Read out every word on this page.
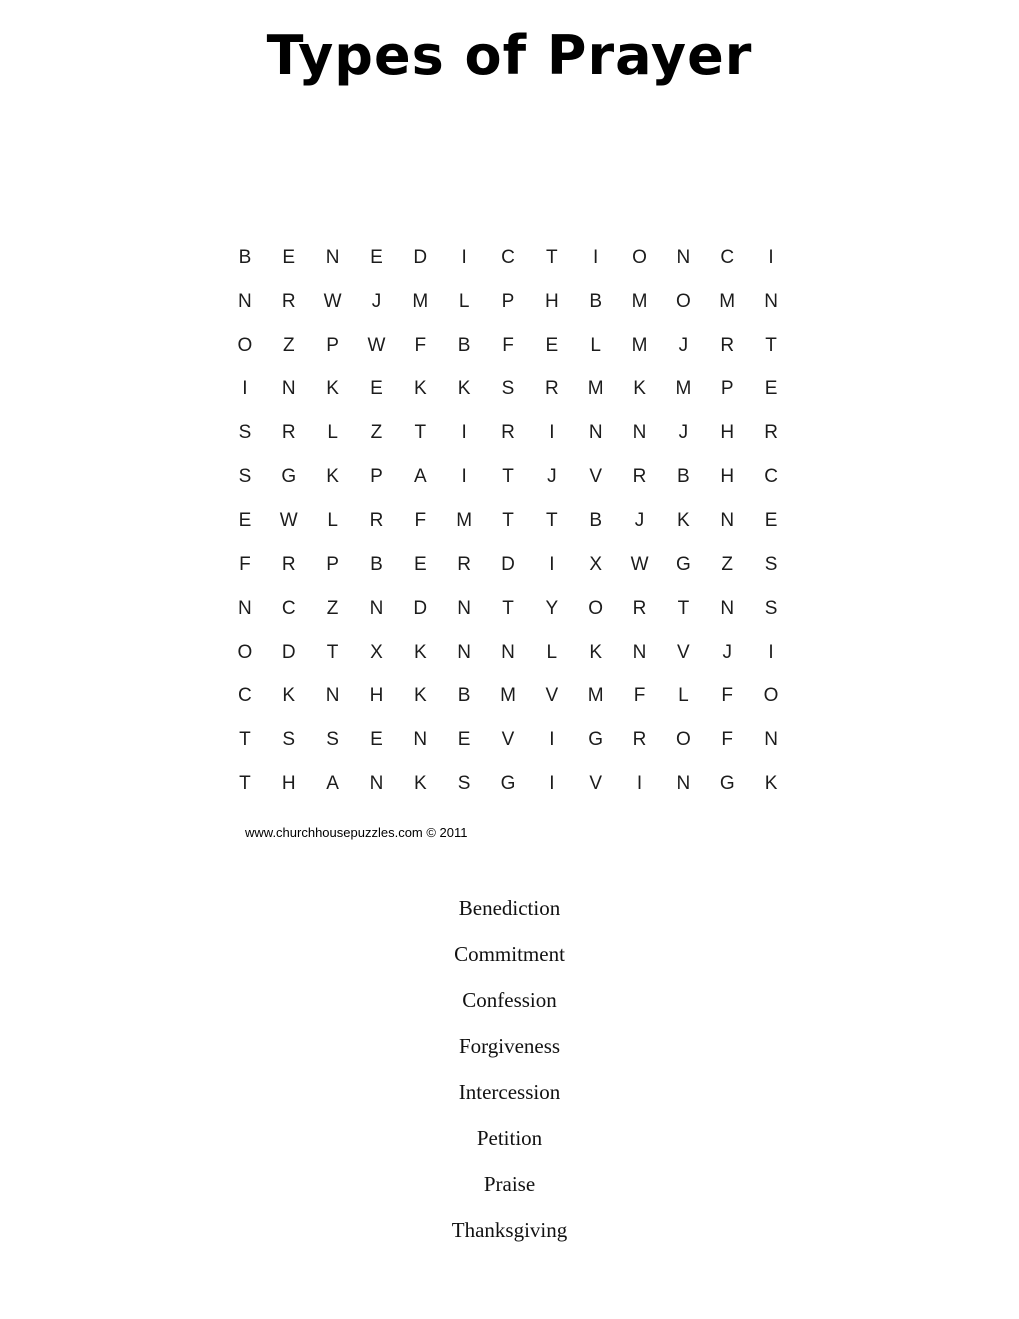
Types of Prayer
B	E	N	E	D	I	C	T	I	O	N	C	I
N	R	W	J	M	L	P	H	B	M	O	M	N
O	Z	P	W	F	B	F	E	L	M	J	R	T
I	N	K	E	K	K	S	R	M	K	M	P	E
S	R	L	Z	T	I	R	I	N	N	J	H	R
S	G	K	P	A	I	T	J	V	R	B	H	C
E	W	L	R	F	M	T	T	B	J	K	N	E
F	R	P	B	E	R	D	I	X	W	G	Z	S
N	C	Z	N	D	N	T	Y	O	R	T	N	S
O	D	T	X	K	N	N	L	K	N	V	J	I
C	K	N	H	K	B	M	V	M	F	L	F	O
T	S	S	E	N	E	V	I	G	R	O	F	N
T	H	A	N	K	S	G	I	V	I	N	G	K
www.churchhousepuzzles.com © 2011
Benediction
Commitment
Confession
Forgiveness
Intercession
Petition
Praise
Thanksgiving
